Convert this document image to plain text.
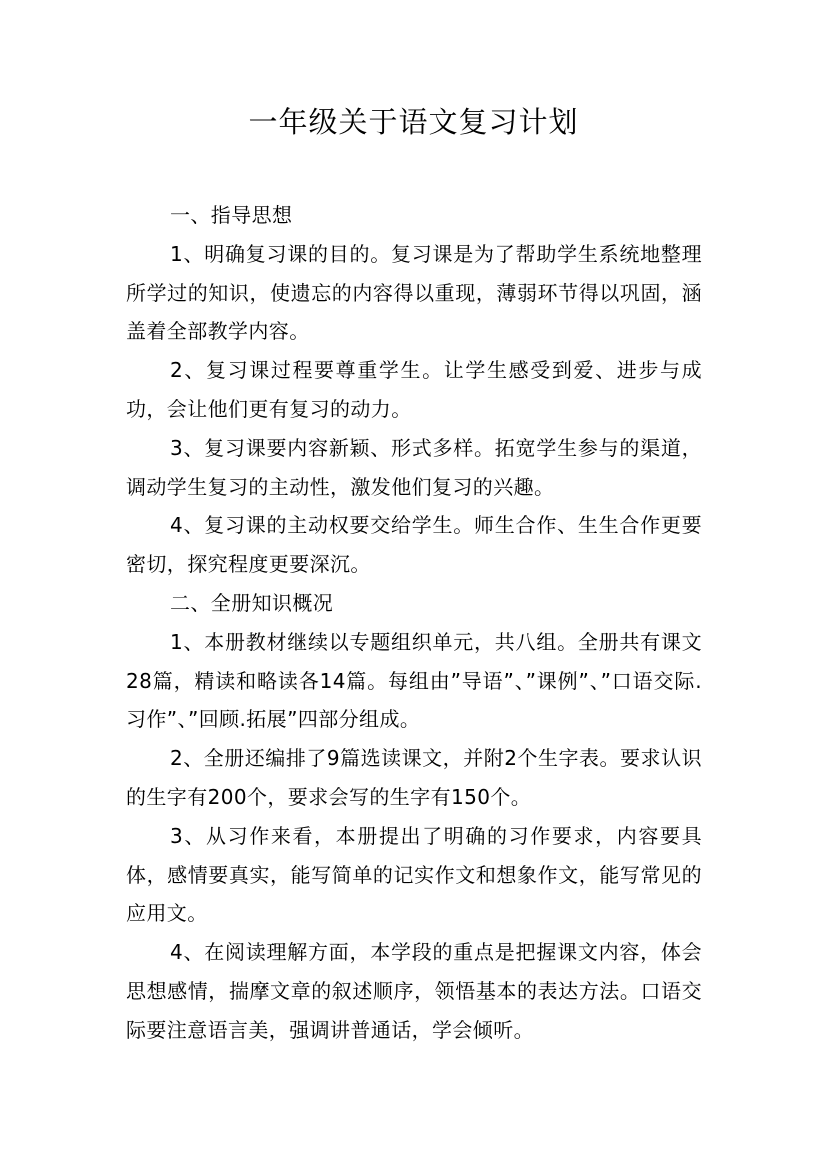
一年级关于语文复习计划

一、指导思想

1、明确复习课的目的。复习课是为了帮助学生系统地整理所学过的知识，使遗忘的内容得以重现，薄弱环节得以巩固，涵盖着全部教学内容。

2、复习课过程要尊重学生。让学生感受到爱、进步与成功，会让他们更有复习的动力。

3、复习课要内容新颖、形式多样。拓宽学生参与的渠道，调动学生复习的主动性，激发他们复习的兴趣。

4、复习课的主动权要交给学生。师生合作、生生合作更要密切，探究程度更要深沉。

二、全册知识概况

1、本册教材继续以专题组织单元，共八组。全册共有课文28篇，精读和略读各14篇。每组由”导语”、”课例”、”口语交际.习作”、”回顾.拓展”四部分组成。

2、全册还编排了9篇选读课文，并附2个生字表。要求认识的生字有200个，要求会写的生字有150个。

3、从习作来看，本册提出了明确的习作要求，内容要具体，感情要真实，能写简单的记实作文和想象作文，能写常见的应用文。

4、在阅读理解方面，本学段的重点是把握课文内容，体会思想感情，揣摩文章的叙述顺序，领悟基本的表达方法。口语交际要注意语言美，强调讲普通话，学会倾听。
